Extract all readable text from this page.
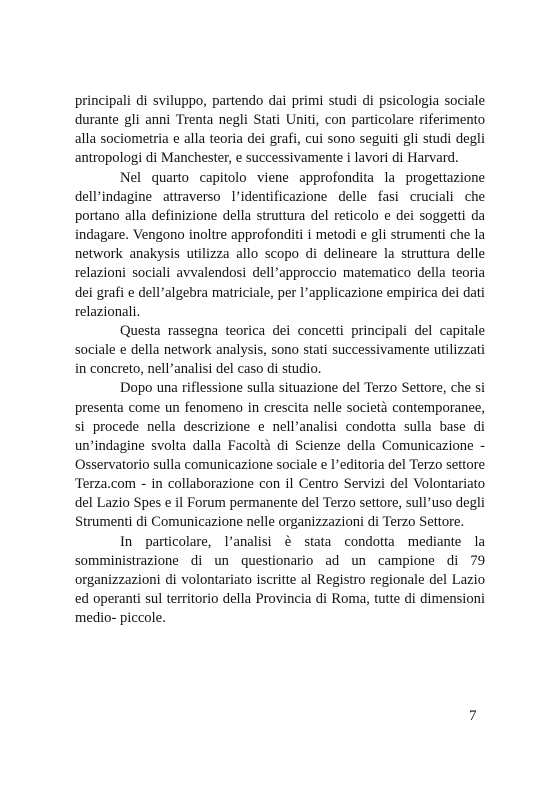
principali di sviluppo, partendo dai primi studi di psicologia sociale durante gli anni Trenta negli Stati Uniti, con particolare riferimento alla sociometria e alla teoria dei grafi, cui sono seguiti gli studi degli antropologi di Manchester, e successivamente i lavori di Harvard.

Nel quarto capitolo viene approfondita la progettazione dell’indagine attraverso l’identificazione delle fasi cruciali che portano alla definizione della struttura del reticolo e dei soggetti da indagare. Vengono inoltre approfonditi i metodi e gli strumenti che la network anakysis utilizza allo scopo di delineare la struttura delle relazioni sociali avvalendosi dell’approccio matematico della teoria dei grafi e dell’algebra matriciale, per l’applicazione empirica dei dati relazionali.

Questa rassegna teorica dei concetti principali del capitale sociale e della network analysis, sono stati successivamente utilizzati in concreto, nell’analisi del caso di studio.

Dopo una riflessione sulla situazione del Terzo Settore, che si presenta come un fenomeno in crescita nelle società contemporanee, si procede nella descrizione e nell’analisi condotta sulla base di un’indagine svolta dalla Facoltà di Scienze della Comunicazione - Osservatorio sulla comunicazione sociale e l’editoria del Terzo settore Terza.com - in collaborazione con il Centro Servizi del Volontariato del Lazio Spes e il Forum permanente del Terzo settore, sull’uso degli Strumenti di Comunicazione nelle organizzazioni di Terzo Settore.

In particolare, l’analisi è stata condotta mediante la somministrazione di un questionario ad un campione di 79 organizzazioni di volontariato iscritte al Registro regionale del Lazio ed operanti sul territorio della Provincia di Roma, tutte di dimensioni medio- piccole.

7
